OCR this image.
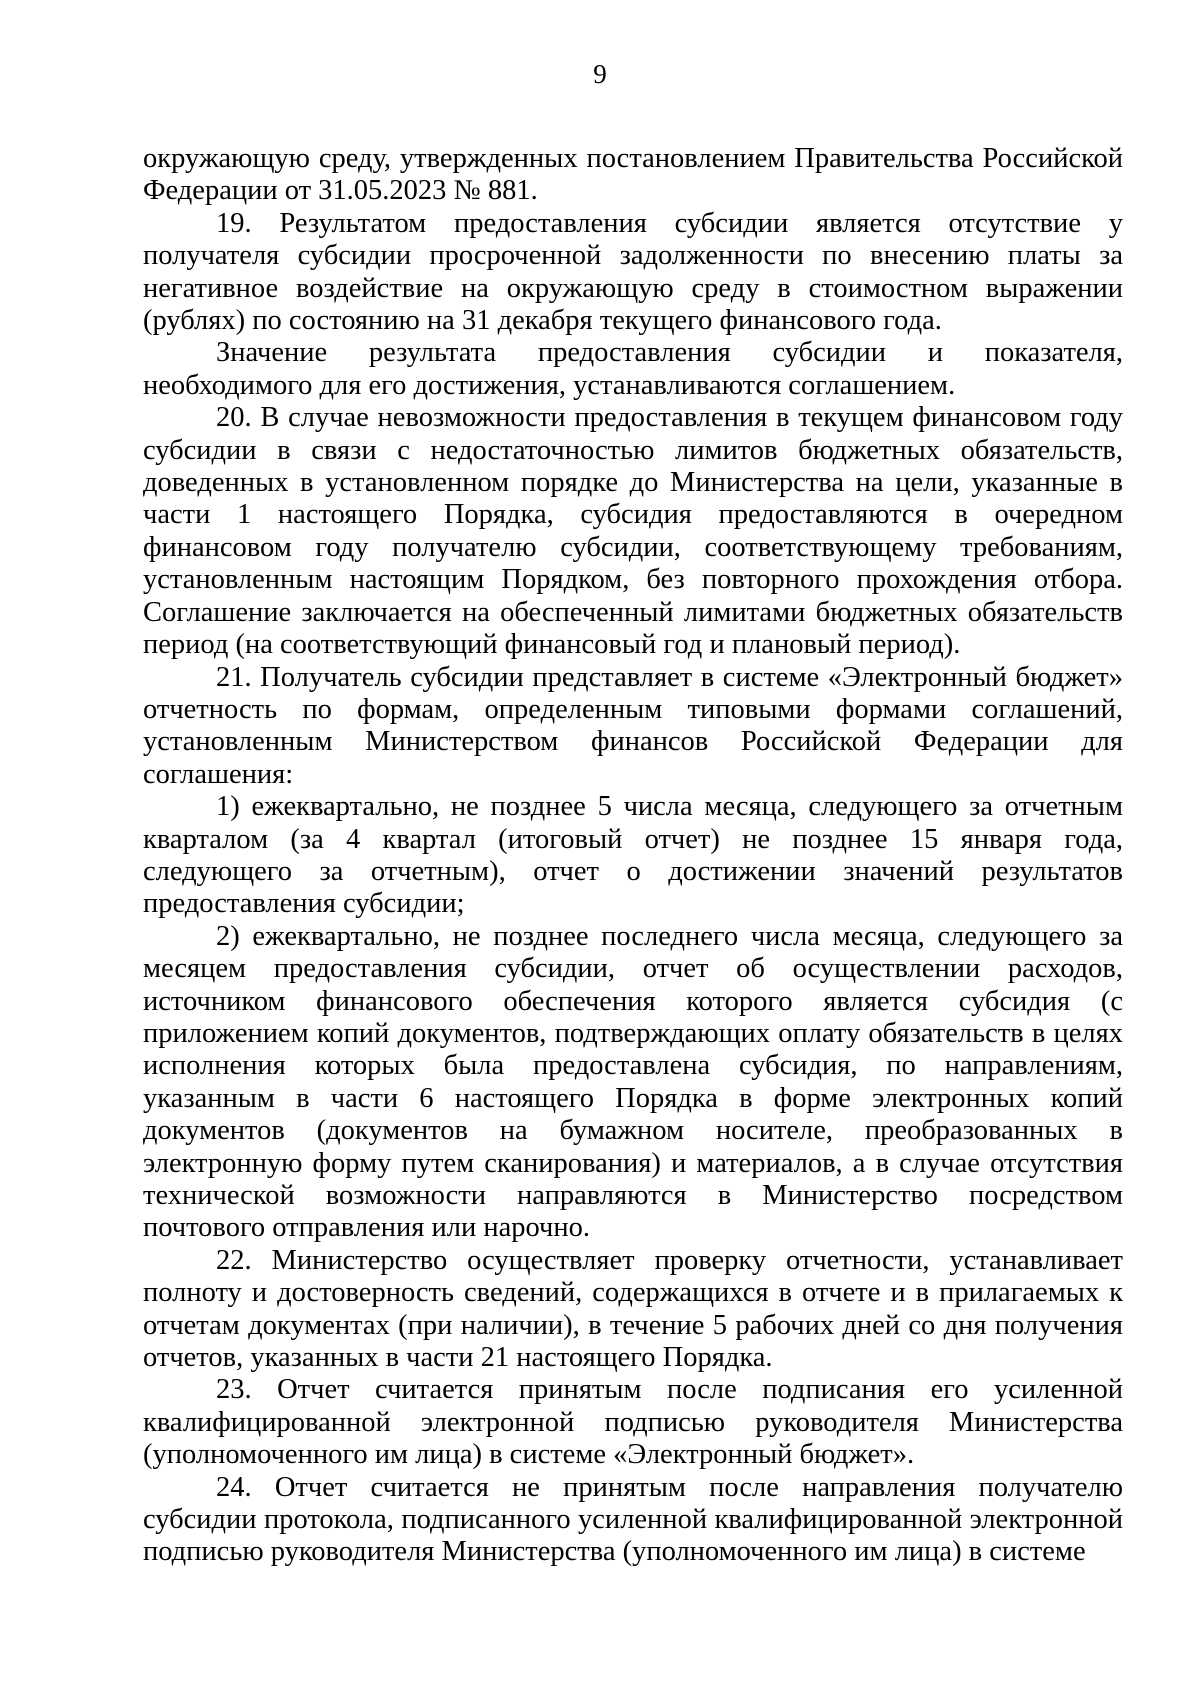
9

окружающую среду, утвержденных постановлением Правительства Российской Федерации от 31.05.2023 № 881.

19. Результатом предоставления субсидии является отсутствие у получателя субсидии просроченной задолженности по внесению платы за негативное воздействие на окружающую среду в стоимостном выражении (рублях) по состоянию на 31 декабря текущего финансового года.

Значение результата предоставления субсидии и показателя, необходимого для его достижения, устанавливаются соглашением.

20. В случае невозможности предоставления в текущем финансовом году субсидии в связи с недостаточностью лимитов бюджетных обязательств, доведенных в установленном порядке до Министерства на цели, указанные в части 1 настоящего Порядка, субсидия предоставляются в очередном финансовом году получателю субсидии, соответствующему требованиям, установленным настоящим Порядком, без повторного прохождения отбора. Соглашение заключается на обеспеченный лимитами бюджетных обязательств период (на соответствующий финансовый год и плановый период).

21. Получатель субсидии представляет в системе «Электронный бюджет» отчетность по формам, определенным типовыми формами соглашений, установленным Министерством финансов Российской Федерации для соглашения:

1) ежеквартально, не позднее 5 числа месяца, следующего за отчетным кварталом (за 4 квартал (итоговый отчет) не позднее 15 января года, следующего за отчетным), отчет о достижении значений результатов предоставления субсидии;

2) ежеквартально, не позднее последнего числа месяца, следующего за месяцем предоставления субсидии, отчет об осуществлении расходов, источником финансового обеспечения которого является субсидия (с приложением копий документов, подтверждающих оплату обязательств в целях исполнения которых была предоставлена субсидия, по направлениям, указанным в части 6 настоящего Порядка в форме электронных копий документов (документов на бумажном носителе, преобразованных в электронную форму путем сканирования) и материалов, а в случае отсутствия технической возможности направляются в Министерство посредством почтового отправления или нарочно.

22. Министерство осуществляет проверку отчетности, устанавливает полноту и достоверность сведений, содержащихся в отчете и в прилагаемых к отчетам документах (при наличии), в течение 5 рабочих дней со дня получения отчетов, указанных в части 21 настоящего Порядка.

23. Отчет считается принятым после подписания его усиленной квалифицированной электронной подписью руководителя Министерства (уполномоченного им лица) в системе «Электронный бюджет».

24. Отчет считается не принятым после направления получателю субсидии протокола, подписанного усиленной квалифицированной электронной подписью руководителя Министерства (уполномоченного им лица) в системе
